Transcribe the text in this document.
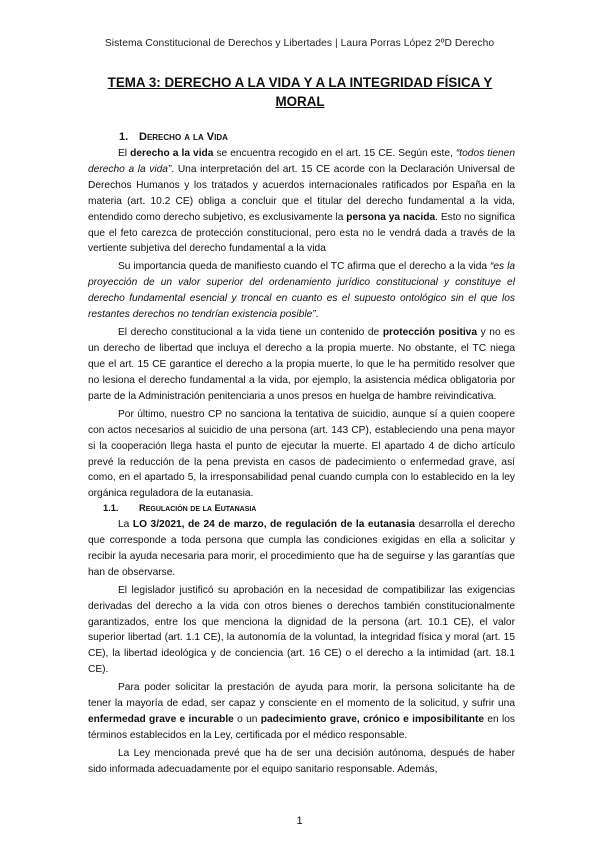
Sistema Constitucional de Derechos y Libertades | Laura Porras López 2ºD Derecho
TEMA 3: DERECHO A LA VIDA Y A LA INTEGRIDAD FÍSICA Y MORAL
1. Derecho a la Vida

El derecho a la vida se encuentra recogido en el art. 15 CE. Según este, “todos tienen derecho a la vida”. Una interpretación del art. 15 CE acorde con la Declaración Universal de Derechos Humanos y los tratados y acuerdos internacionales ratificados por España en la materia (art. 10.2 CE) obliga a concluir que el titular del derecho fundamental a la vida, entendido como derecho subjetivo, es exclusivamente la persona ya nacida. Esto no significa que el feto carezca de protección constitucional, pero esta no le vendrá dada a través de la vertiente subjetiva del derecho fundamental a la vida

Su importancia queda de manifiesto cuando el TC afirma que el derecho a la vida “es la proyección de un valor superior del ordenamiento jurídico constitucional y constituye el derecho fundamental esencial y troncal en cuanto es el supuesto ontológico sin el que los restantes derechos no tendrían existencia posible”.

El derecho constitucional a la vida tiene un contenido de protección positiva y no es un derecho de libertad que incluya el derecho a la propia muerte. No obstante, el TC niega que el art. 15 CE garantice el derecho a la propia muerte, lo que le ha permitido resolver que no lesiona el derecho fundamental a la vida, por ejemplo, la asistencia médica obligatoria por parte de la Administración penitenciaria a unos presos en huelga de hambre reivindicativa.

Por último, nuestro CP no sanciona la tentativa de suicidio, aunque sí a quien coopere con actos necesarios al suicidio de una persona (art. 143 CP), estableciendo una pena mayor si la cooperación llega hasta el punto de ejecutar la muerte. El apartado 4 de dicho artículo prevé la reducción de la pena prevista en casos de padecimiento o enfermedad grave, así como, en el apartado 5, la irresponsabilidad penal cuando cumpla con lo establecido en la ley orgánica reguladora de la eutanasia.

1.1. Regulación de la Eutanasia

La LO 3/2021, de 24 de marzo, de regulación de la eutanasia desarrolla el derecho que corresponde a toda persona que cumpla las condiciones exigidas en ella a solicitar y recibir la ayuda necesaria para morir, el procedimiento que ha de seguirse y las garantías que han de observarse.

El legislador justificó su aprobación en la necesidad de compatibilizar las exigencias derivadas del derecho a la vida con otros bienes o derechos también constitucionalmente garantizados, entre los que menciona la dignidad de la persona (art. 10.1 CE), el valor superior libertad (art. 1.1 CE), la autonomía de la voluntad, la integridad física y moral (art. 15 CE), la libertad ideológica y de conciencia (art. 16 CE) o el derecho a la intimidad (art. 18.1 CE).

Para poder solicitar la prestación de ayuda para morir, la persona solicitante ha de tener la mayoría de edad, ser capaz y consciente en el momento de la solicitud, y sufrir una enfermedad grave e incurable o un padecimiento grave, crónico e imposibilitante en los términos establecidos en la Ley, certificada por el médico responsable.

La Ley mencionada prevé que ha de ser una decisión autónoma, después de haber sido informada adecuadamente por el equipo sanitario responsable. Además,

1
